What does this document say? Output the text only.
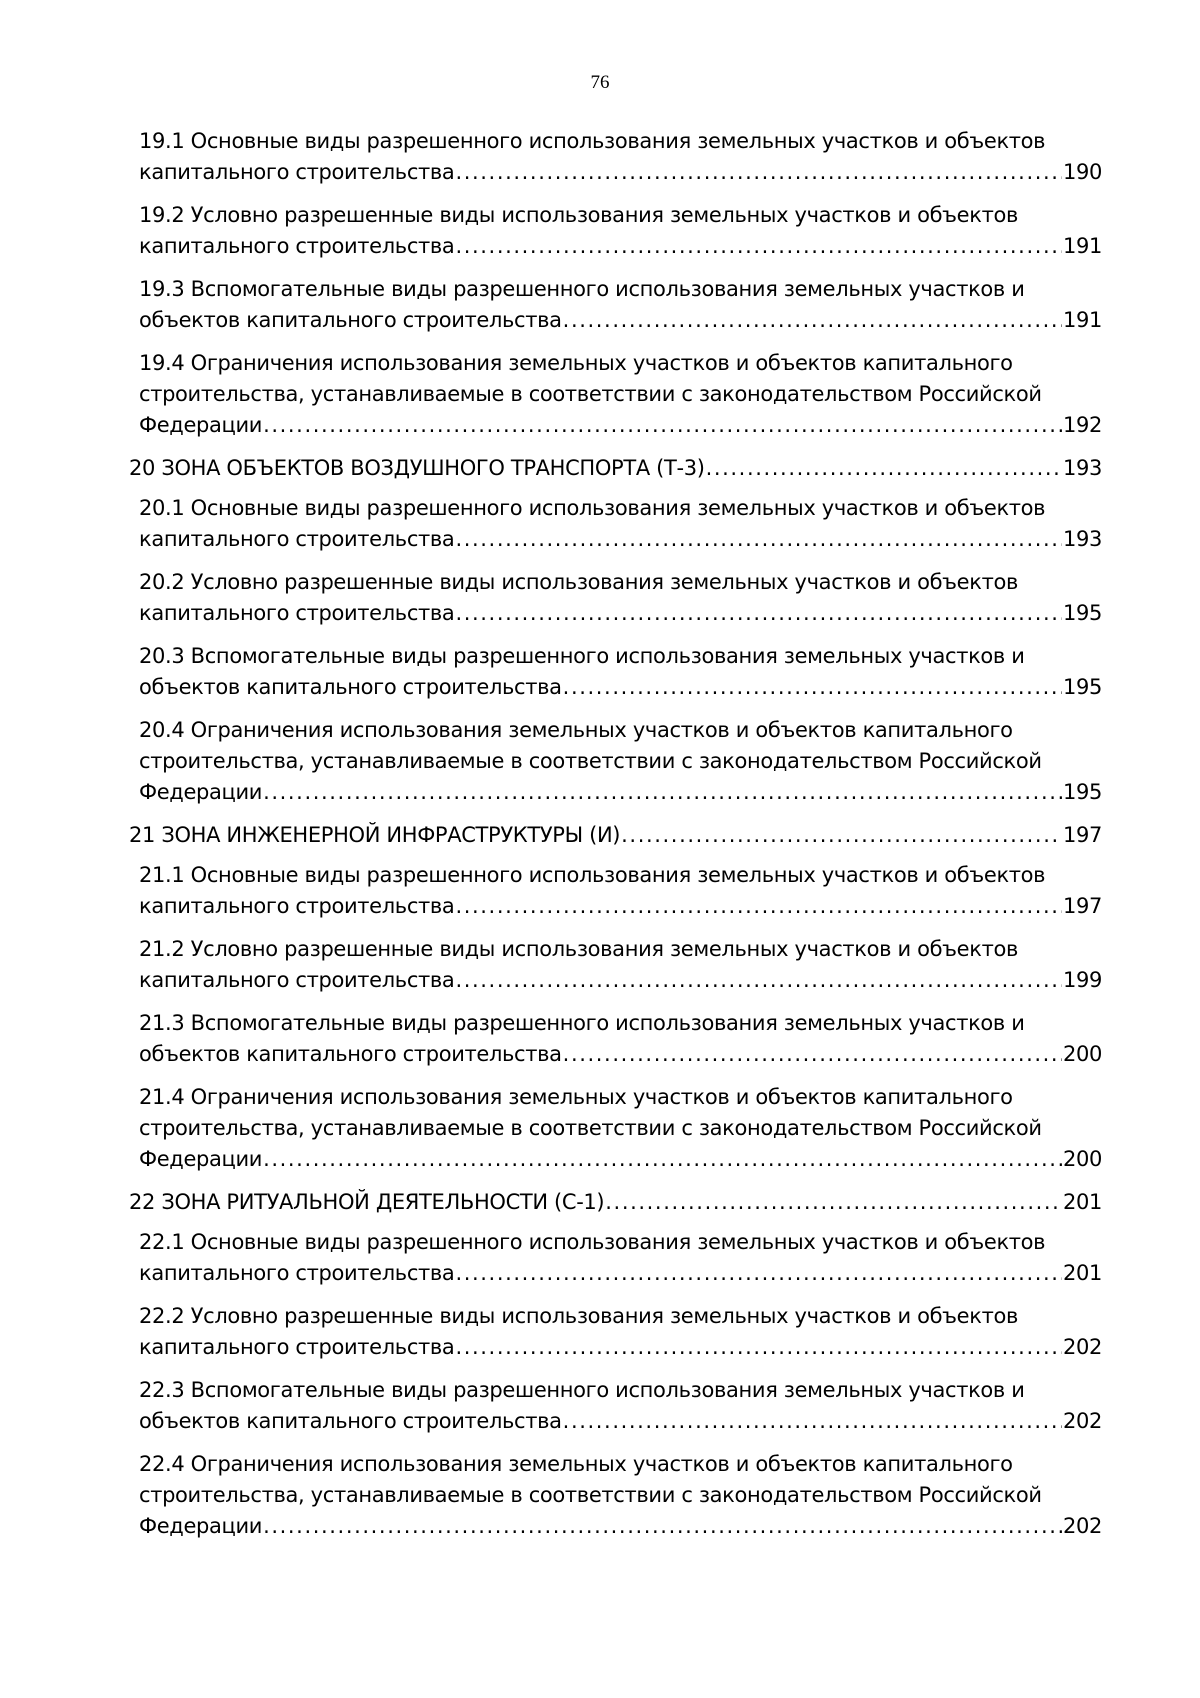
76
19.1 Основные виды разрешенного использования земельных участков и объектов
капитального строительства .....	190
19.2 Условно разрешенные виды использования земельных участков и объектов
капитального строительства .....	191
19.3 Вспомогательные виды разрешенного использования земельных участков и
объектов капитального строительства .....	191
19.4 Ограничения использования земельных участков и объектов капитального
строительства, устанавливаемые в соответствии с законодательством Российской
Федерации .....	192
20 ЗОНА ОБЪЕКТОВ ВОЗДУШНОГО ТРАНСПОРТА (Т-3) .....	193
20.1 Основные виды разрешенного использования земельных участков и объектов
капитального строительства .....	193
20.2 Условно разрешенные виды использования земельных участков и объектов
капитального строительства .....	195
20.3 Вспомогательные виды разрешенного использования земельных участков и
объектов капитального строительства .....	195
20.4 Ограничения использования земельных участков и объектов капитального
строительства, устанавливаемые в соответствии с законодательством Российской
Федерации .....	195
21 ЗОНА ИНЖЕНЕРНОЙ ИНФРАСТРУКТУРЫ (И) .....	197
21.1 Основные виды разрешенного использования земельных участков и объектов
капитального строительства .....	197
21.2 Условно разрешенные виды использования земельных участков и объектов
капитального строительства .....	199
21.3 Вспомогательные виды разрешенного использования земельных участков и
объектов капитального строительства .....	200
21.4 Ограничения использования земельных участков и объектов капитального
строительства, устанавливаемые в соответствии с законодательством Российской
Федерации .....	200
22 ЗОНА РИТУАЛЬНОЙ ДЕЯТЕЛЬНОСТИ (С-1) .....	201
22.1 Основные виды разрешенного использования земельных участков и объектов
капитального строительства .....	201
22.2 Условно разрешенные виды использования земельных участков и объектов
капитального строительства .....	202
22.3 Вспомогательные виды разрешенного использования земельных участков и
объектов капитального строительства .....	202
22.4 Ограничения использования земельных участков и объектов капитального
строительства, устанавливаемые в соответствии с законодательством Российской
Федерации .....	202
